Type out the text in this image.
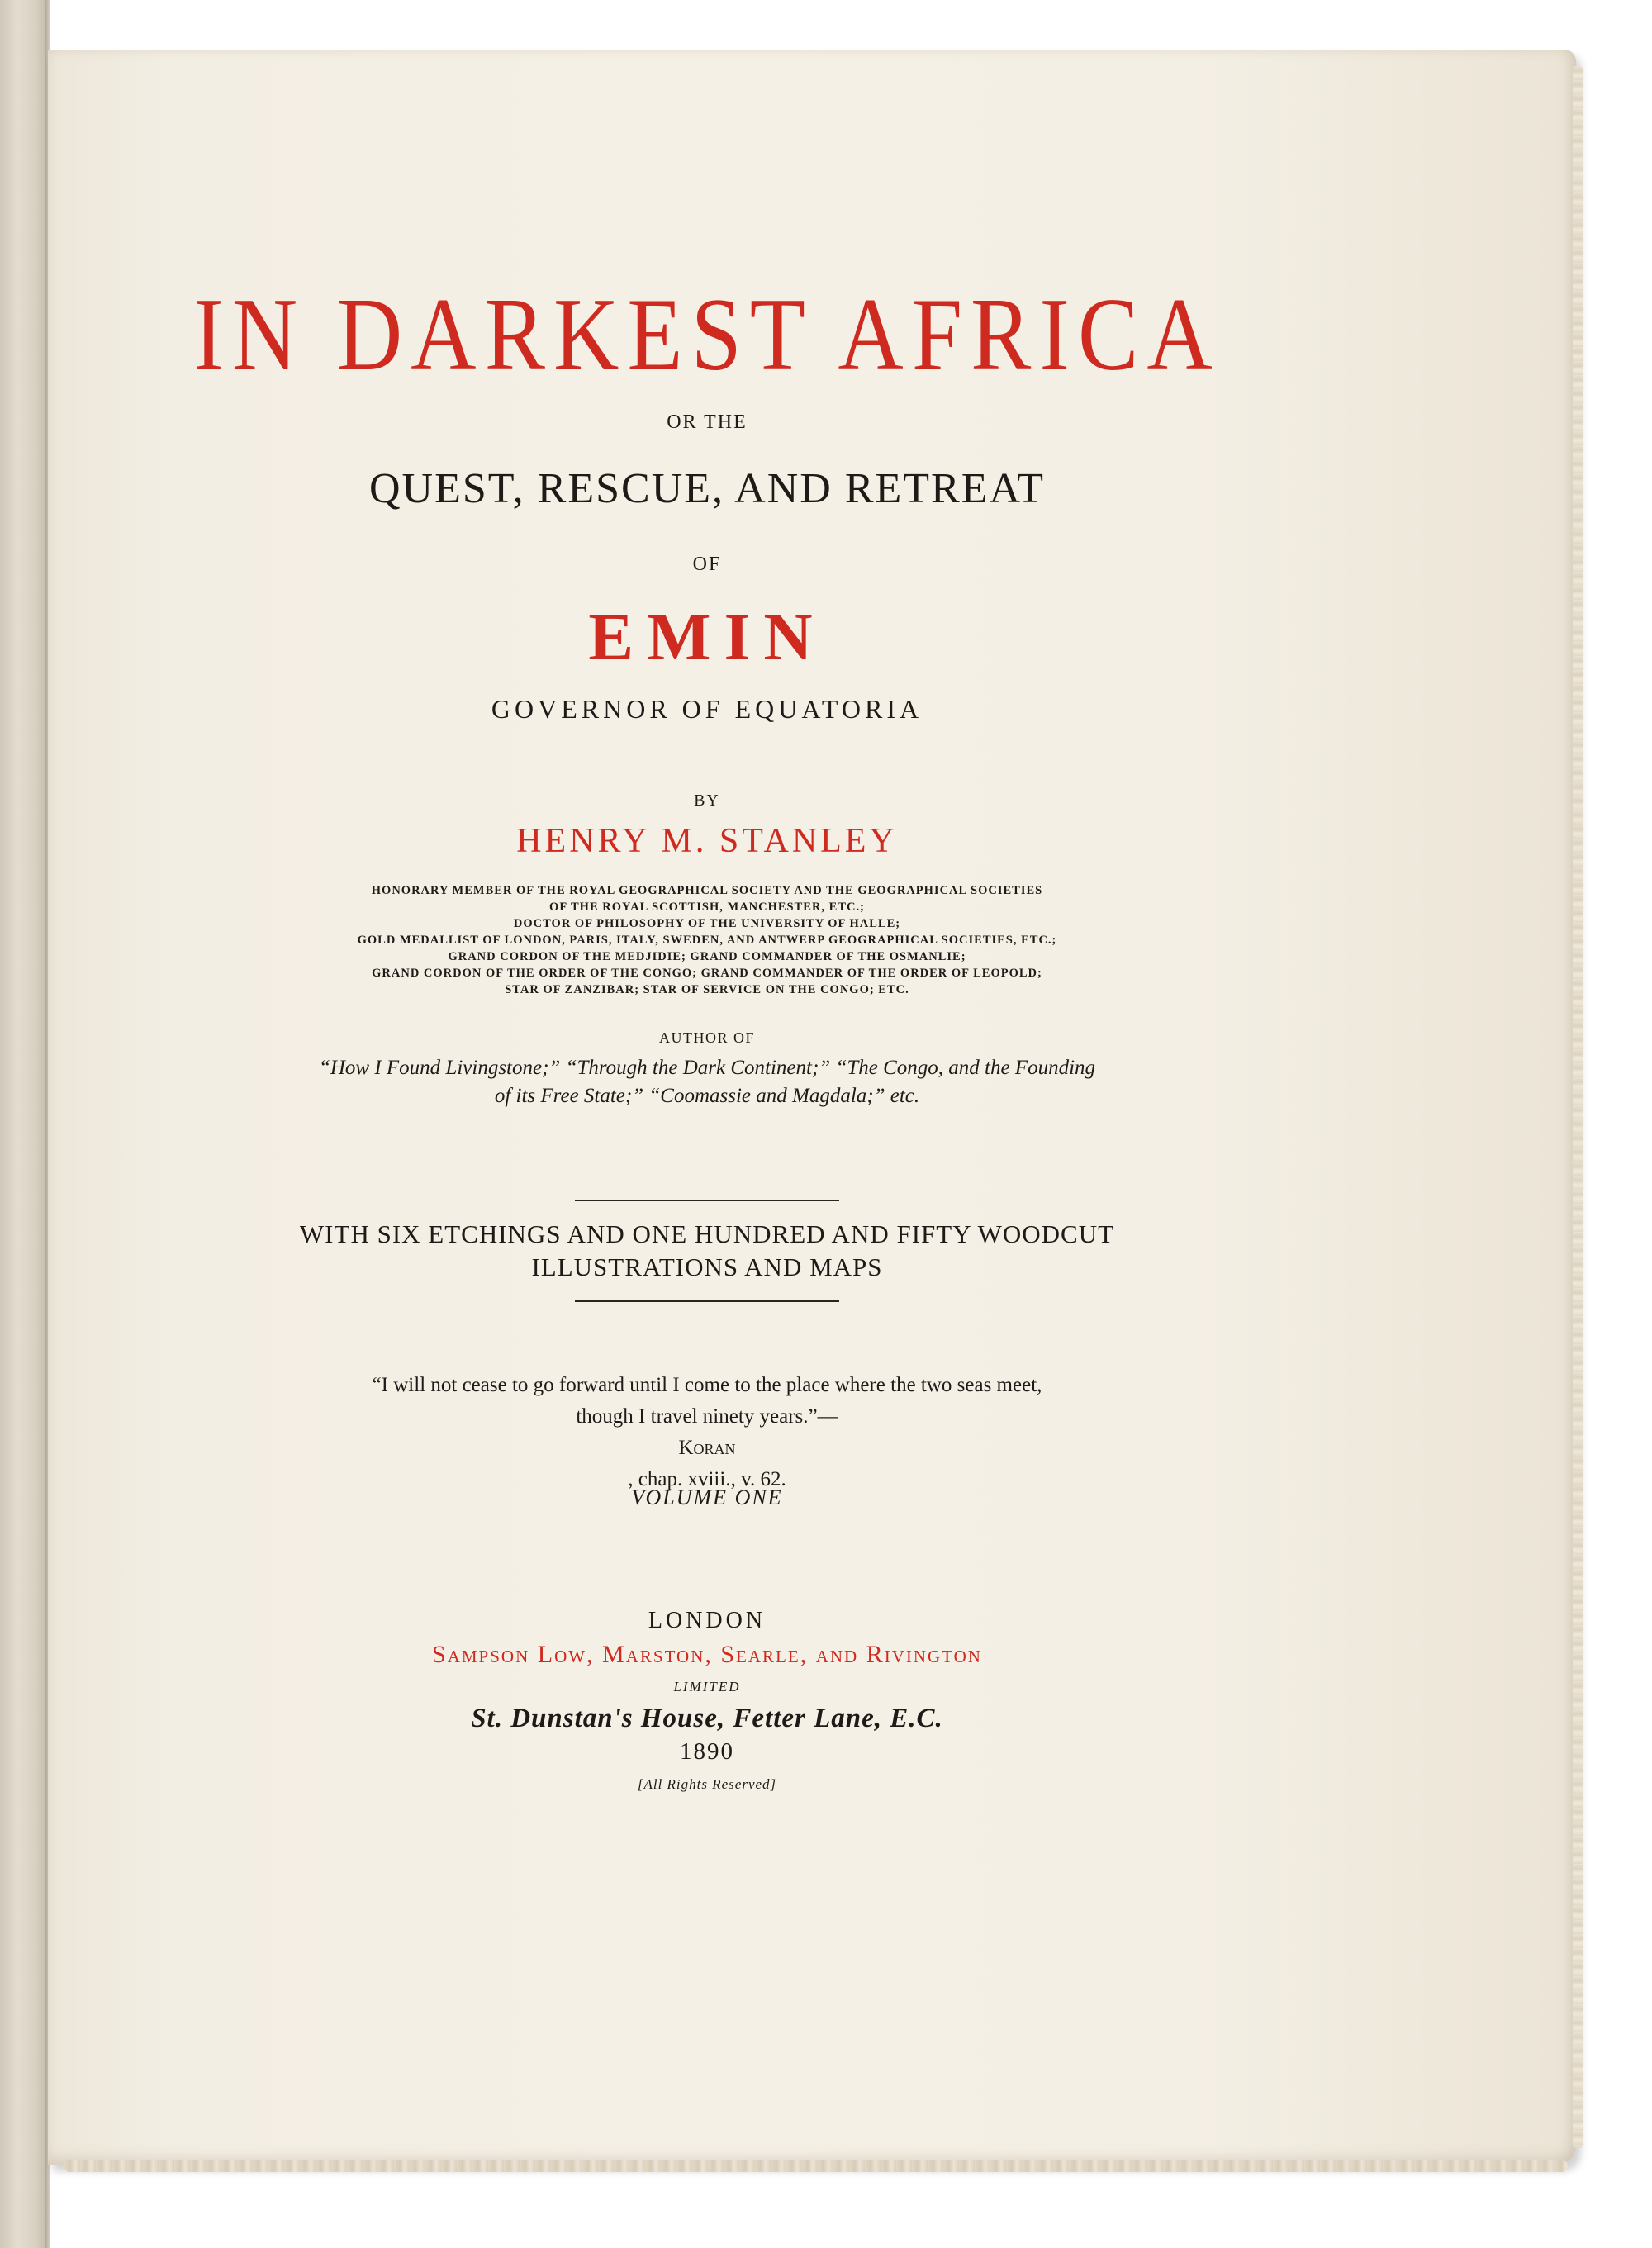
IN DARKEST AFRICA
OR THE
QUEST, RESCUE, AND RETREAT
OF
EMIN
GOVERNOR OF EQUATORIA
BY
HENRY M. STANLEY
HONORARY MEMBER OF THE ROYAL GEOGRAPHICAL SOCIETY AND THE GEOGRAPHICAL SOCIETIES
OF THE ROYAL SCOTTISH, MANCHESTER, ETC.;
DOCTOR OF PHILOSOPHY OF THE UNIVERSITY OF HALLE;
GOLD MEDALLIST OF LONDON, PARIS, ITALY, SWEDEN, AND ANTWERP GEOGRAPHICAL SOCIETIES, ETC.;
GRAND CORDON OF THE MEDJIDIE; GRAND COMMANDER OF THE OSMANLIE;
GRAND CORDON OF THE ORDER OF THE CONGO; GRAND COMMANDER OF THE ORDER OF LEOPOLD;
STAR OF ZANZIBAR; STAR OF SERVICE ON THE CONGO; ETC.
AUTHOR OF
“How I Found Livingstone;” “Through the Dark Continent;” “The Congo, and the Founding
of its Free State;” “Coomassie and Magdala;” etc.
WITH SIX ETCHINGS AND ONE HUNDRED AND FIFTY WOODCUT
ILLUSTRATIONS AND MAPS
“I will not cease to go forward until I come to the place where the two seas meet,
though I travel ninety years.”—
Koran
, chap. xviii., v. 62.
VOLUME ONE
LONDON
Sampson Low, Marston, Searle, and Rivington
LIMITED
St. Dunstan's House, Fetter Lane, E.C.
1890
[All Rights Reserved]
